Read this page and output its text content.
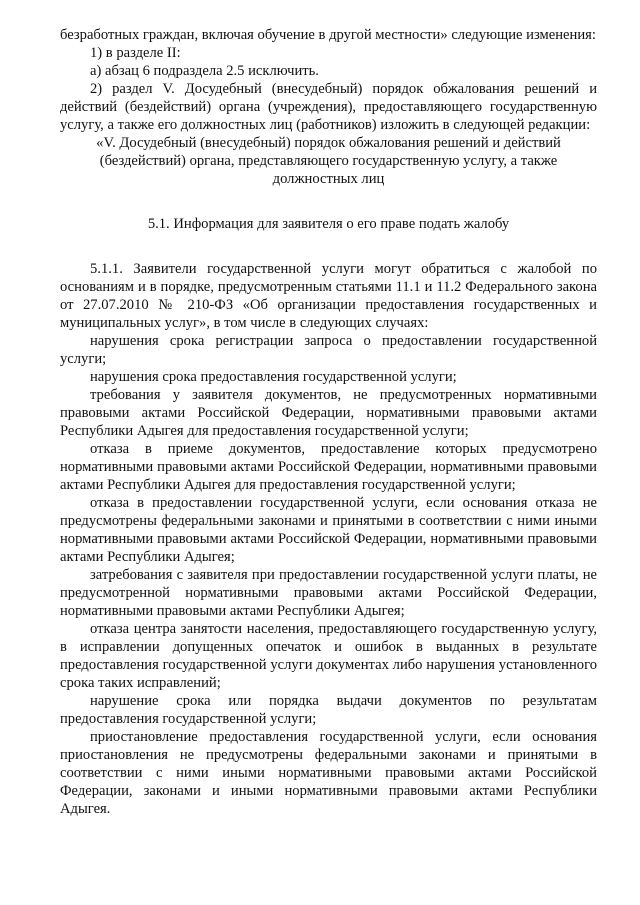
безработных граждан, включая обучение в другой местности» следующие изменения:

1) в разделе II:

а) абзац 6 подраздела 2.5 исключить.

2) раздел V. Досудебный (внесудебный) порядок обжалования решений и действий (бездействий) органа (учреждения), предоставляющего государственную услугу, а также его должностных лиц (работников) изложить в следующей редакции:

«V. Досудебный (внесудебный) порядок обжалования решений и действий (бездействий) органа, представляющего государственную услугу, а также должностных лиц

5.1. Информация для заявителя о его праве подать жалобу

5.1.1. Заявители государственной услуги могут обратиться с жалобой по основаниям и в порядке, предусмотренным статьями 11.1 и 11.2 Федерального закона от 27.07.2010 № 210-ФЗ «Об организации предоставления государственных и муниципальных услуг», в том числе в следующих случаях:

нарушения срока регистрации запроса о предоставлении государственной услуги;

нарушения срока предоставления государственной услуги;

требования у заявителя документов, не предусмотренных нормативными правовыми актами Российской Федерации, нормативными правовыми актами Республики Адыгея для предоставления государственной услуги;

отказа в приеме документов, предоставление которых предусмотрено нормативными правовыми актами Российской Федерации, нормативными правовыми актами Республики Адыгея для предоставления государственной услуги;

отказа в предоставлении государственной услуги, если основания отказа не предусмотрены федеральными законами и принятыми в соответствии с ними иными нормативными правовыми актами Российской Федерации, нормативными правовыми актами Республики Адыгея;

затребования с заявителя при предоставлении государственной услуги платы, не предусмотренной нормативными правовыми актами Российской Федерации, нормативными правовыми актами Республики Адыгея;

отказа центра занятости населения, предоставляющего государственную услугу, в исправлении допущенных опечаток и ошибок в выданных в результате предоставления государственной услуги документах либо нарушения установленного срока таких исправлений;

нарушение срока или порядка выдачи документов по результатам предоставления государственной услуги;

приостановление предоставления государственной услуги, если основания приостановления не предусмотрены федеральными законами и принятыми в соответствии с ними иными нормативными правовыми актами Российской Федерации, законами и иными нормативными правовыми актами Республики Адыгея.
